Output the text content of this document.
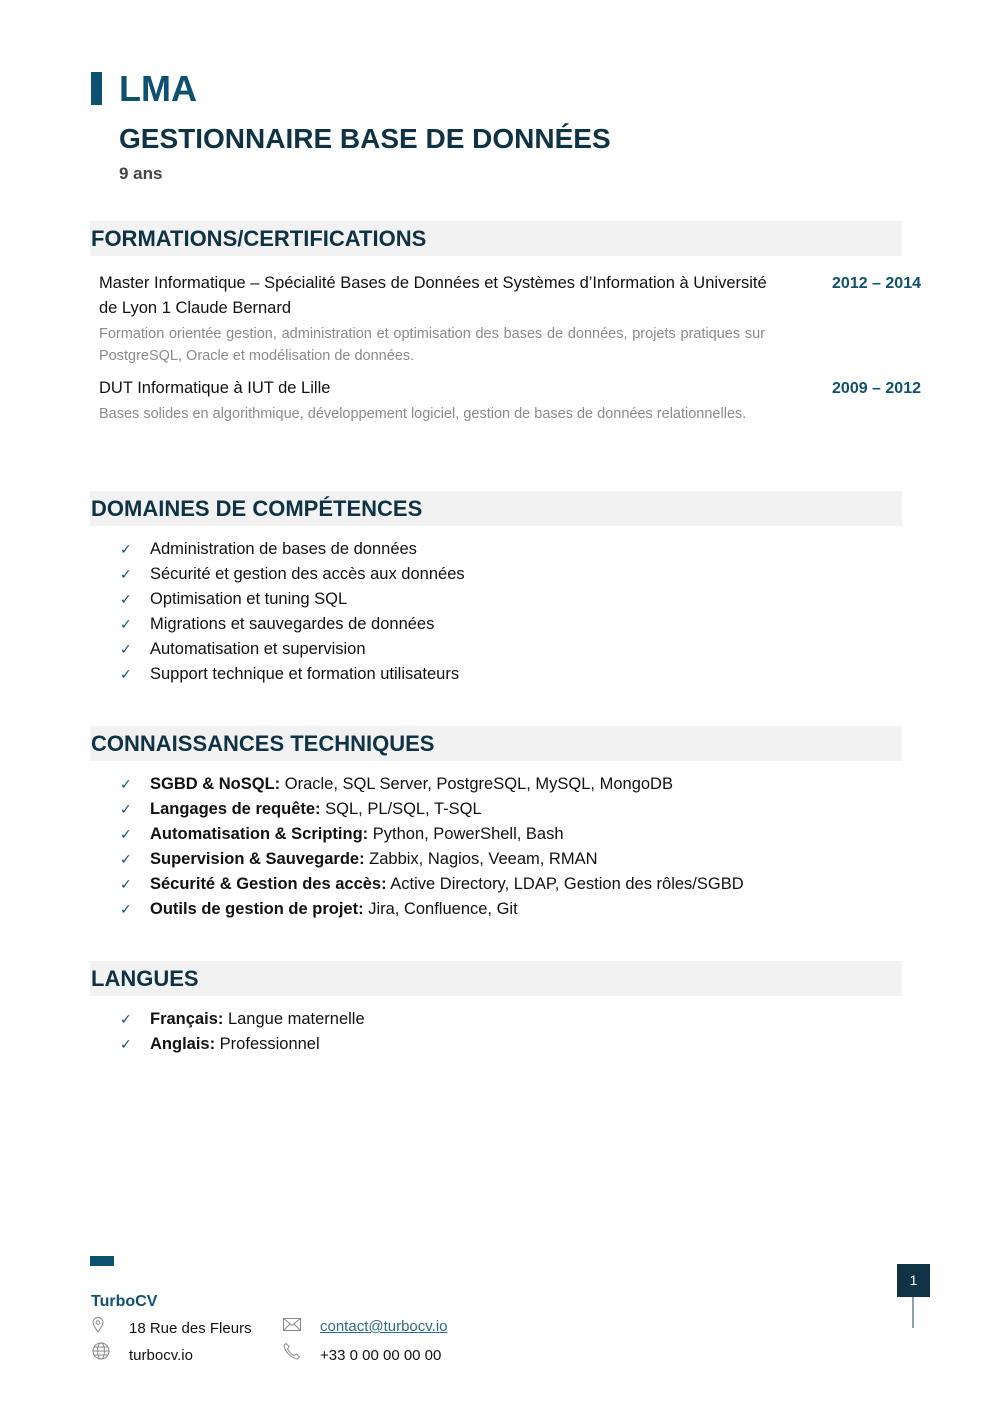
LMA
GESTIONNAIRE BASE DE DONNÉES
9 ans
FORMATIONS/CERTIFICATIONS
Master Informatique – Spécialité Bases de Données et Systèmes d’Information à Université de Lyon 1 Claude Bernard
2012 – 2014
Formation orientée gestion, administration et optimisation des bases de données, projets pratiques sur PostgreSQL, Oracle et modélisation de données.
DUT Informatique à IUT de Lille	2009 – 2012
Bases solides en algorithmique, développement logiciel, gestion de bases de données relationnelles.
DOMAINES DE COMPÉTENCES
✓ Administration de bases de données
✓ Sécurité et gestion des accès aux données
✓ Optimisation et tuning SQL
✓ Migrations et sauvegardes de données
✓ Automatisation et supervision
✓ Support technique et formation utilisateurs
CONNAISSANCES TECHNIQUES
✓ SGBD & NoSQL: Oracle, SQL Server, PostgreSQL, MySQL, MongoDB
✓ Langages de requête: SQL, PL/SQL, T-SQL
✓ Automatisation & Scripting: Python, PowerShell, Bash
✓ Supervision & Sauvegarde: Zabbix, Nagios, Veeam, RMAN
✓ Sécurité & Gestion des accès: Active Directory, LDAP, Gestion des rôles/SGBD
✓ Outils de gestion de projet: Jira, Confluence, Git
LANGUES
✓ Français: Langue maternelle
✓ Anglais: Professionnel
TurboCV
18 Rue des Fleurs
turbocv.io
contact@turbocv.io
+33 0 00 00 00 00
1
